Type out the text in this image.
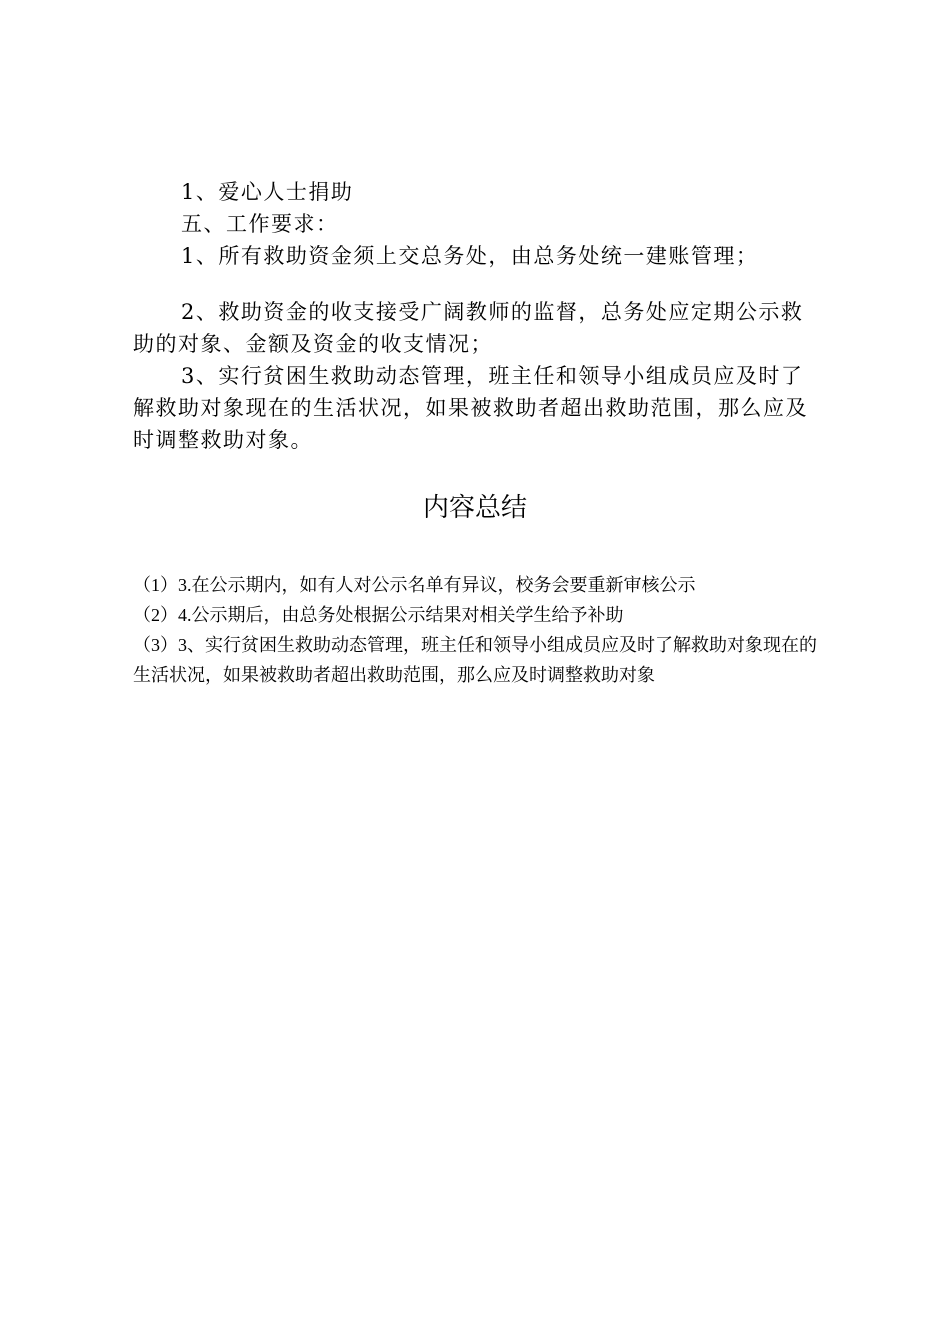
1、爱心人士捐助
五、工作要求：
1、所有救助资金须上交总务处，由总务处统一建账管理；
2、救助资金的收支接受广阔教师的监督，总务处应定期公示救助的对象、金额及资金的收支情况；
3、实行贫困生救助动态管理，班主任和领导小组成员应及时了解救助对象现在的生活状况，如果被救助者超出救助范围，那么应及时调整救助对象。
内容总结
（1）3.在公示期内，如有人对公示名单有异议，校务会要重新审核公示
（2）4.公示期后，由总务处根据公示结果对相关学生给予补助
（3）3、实行贫困生救助动态管理，班主任和领导小组成员应及时了解救助对象现在的生活状况，如果被救助者超出救助范围，那么应及时调整救助对象
